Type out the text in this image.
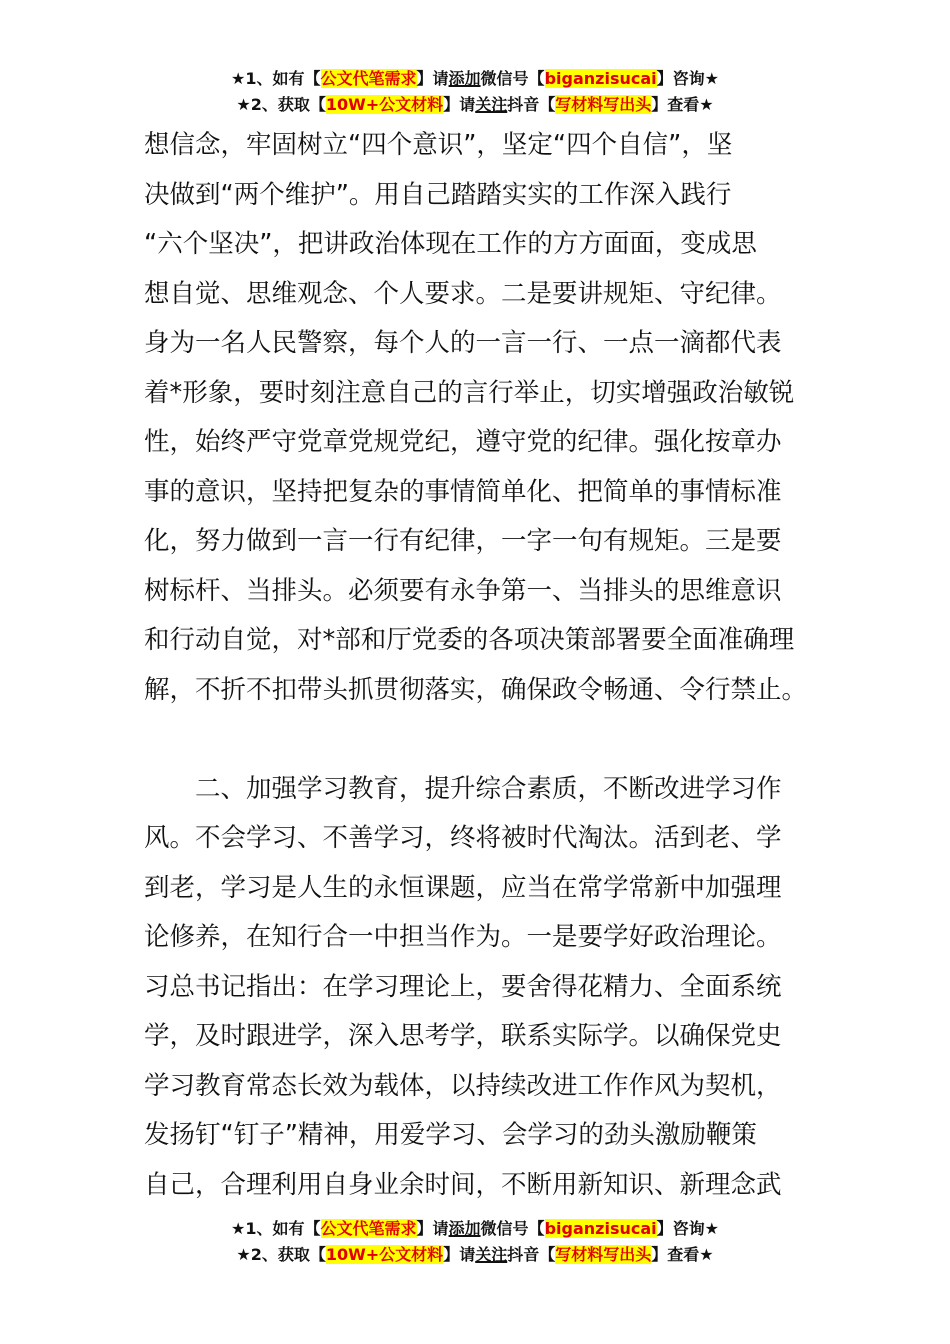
★1、如有【公文代笔需求】请添加微信号【biganzisucai】咨询★
★2、获取【10W+公文材料】请关注抖音【写材料写出头】查看★
想信念，牢固树立“四个意识”，坚定“四个自信”，坚
决做到“两个维护”。用自己踏踏实实的工作深入践行
“六个坚决”，把讲政治体现在工作的方方面面，变成思
想自觉、思维观念、个人要求。二是要讲规矩、守纪律。
身为一名人民警察，每个人的一言一行、一点一滴都代表
着*形象，要时刻注意自己的言行举止，切实增强政治敏锐
性，始终严守党章党规党纪，遵守党的纪律。强化按章办
事的意识，坚持把复杂的事情简单化、把简单的事情标准
化，努力做到一言一行有纪律，一字一句有规矩。三是要
树标杆、当排头。必须要有永争第一、当排头的思维意识
和行动自觉，对*部和厅党委的各项决策部署要全面准确理
解，不折不扣带头抓贯彻落实，确保政令畅通、令行禁止。
　　二、加强学习教育，提升综合素质，不断改进学习作
风。不会学习、不善学习，终将被时代淘汰。活到老、学
到老，学习是人生的永恒课题，应当在常学常新中加强理
论修养，在知行合一中担当作为。一是要学好政治理论。
习总书记指出：在学习理论上，要舍得花精力、全面系统
学，及时跟进学，深入思考学，联系实际学。以确保党史
学习教育常态长效为载体，以持续改进工作作风为契机，
发扬钉“钉子”精神，用爱学习、会学习的劲头激励鞭策
自己，合理利用自身业余时间，不断用新知识、新理念武
★1、如有【公文代笔需求】请添加微信号【biganzisucai】咨询★
★2、获取【10W+公文材料】请关注抖音【写材料写出头】查看★
